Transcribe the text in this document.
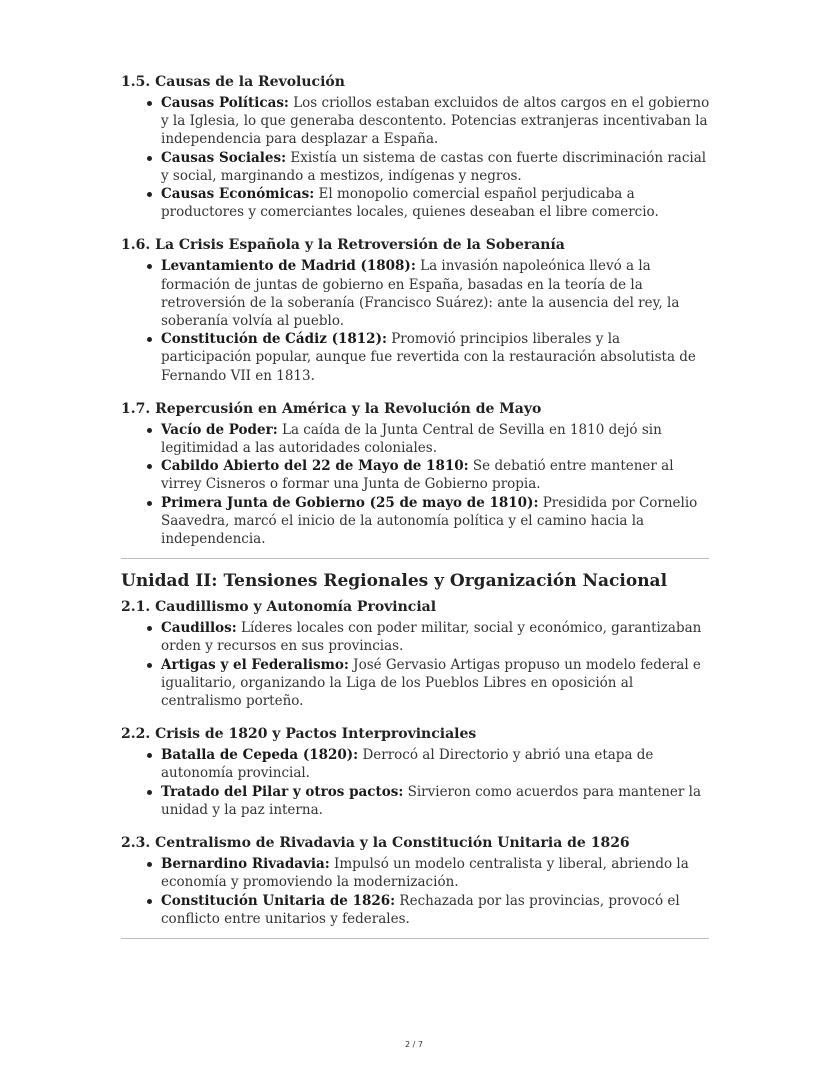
1.5. Causas de la Revolución
Causas Políticas: Los criollos estaban excluidos de altos cargos en el gobierno y la Iglesia, lo que generaba descontento. Potencias extranjeras incentivaban la independencia para desplazar a España.
Causas Sociales: Existía un sistema de castas con fuerte discriminación racial y social, marginando a mestizos, indígenas y negros.
Causas Económicas: El monopolio comercial español perjudicaba a productores y comerciantes locales, quienes deseaban el libre comercio.
1.6. La Crisis Española y la Retroversión de la Soberanía
Levantamiento de Madrid (1808): La invasión napoleónica llevó a la formación de juntas de gobierno en España, basadas en la teoría de la retroversión de la soberanía (Francisco Suárez): ante la ausencia del rey, la soberanía volvía al pueblo.
Constitución de Cádiz (1812): Promovió principios liberales y la participación popular, aunque fue revertida con la restauración absolutista de Fernando VII en 1813.
1.7. Repercusión en América y la Revolución de Mayo
Vacío de Poder: La caída de la Junta Central de Sevilla en 1810 dejó sin legitimidad a las autoridades coloniales.
Cabildo Abierto del 22 de Mayo de 1810: Se debatió entre mantener al virrey Cisneros o formar una Junta de Gobierno propia.
Primera Junta de Gobierno (25 de mayo de 1810): Presidida por Cornelio Saavedra, marcó el inicio de la autonomía política y el camino hacia la independencia.
Unidad II: Tensiones Regionales y Organización Nacional
2.1. Caudillismo y Autonomía Provincial
Caudillos: Líderes locales con poder militar, social y económico, garantizaban orden y recursos en sus provincias.
Artigas y el Federalismo: José Gervasio Artigas propuso un modelo federal e igualitario, organizando la Liga de los Pueblos Libres en oposición al centralismo porteño.
2.2. Crisis de 1820 y Pactos Interprovinciales
Batalla de Cepeda (1820): Derrocó al Directorio y abrió una etapa de autonomía provincial.
Tratado del Pilar y otros pactos: Sirvieron como acuerdos para mantener la unidad y la paz interna.
2.3. Centralismo de Rivadavia y la Constitución Unitaria de 1826
Bernardino Rivadavia: Impulsó un modelo centralista y liberal, abriendo la economía y promoviendo la modernización.
Constitución Unitaria de 1826: Rechazada por las provincias, provocó el conflicto entre unitarios y federales.
2 / 7
